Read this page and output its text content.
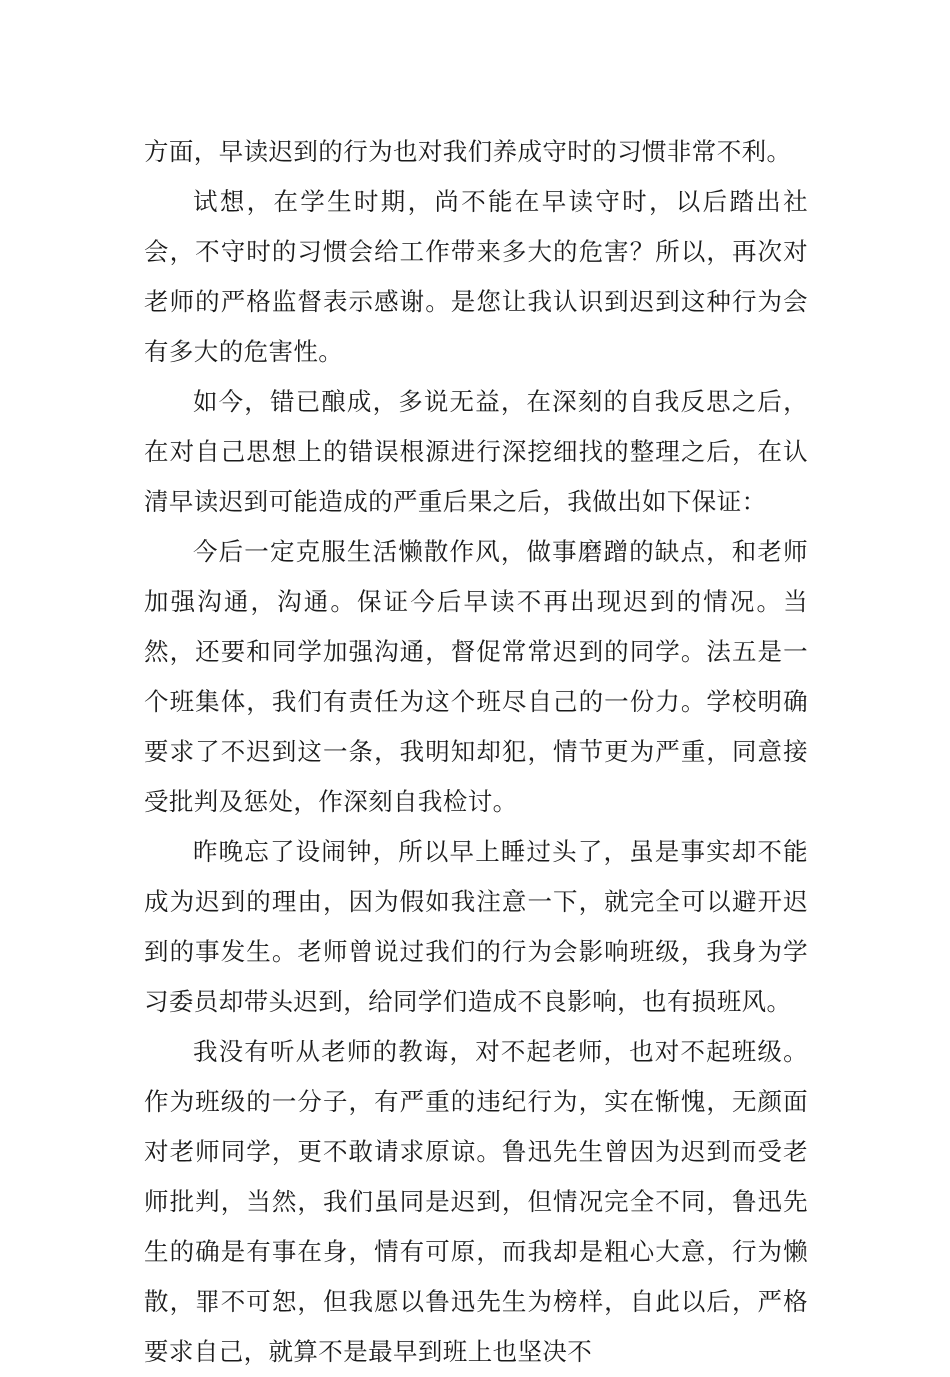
方面，早读迟到的行为也对我们养成守时的习惯非常不利。

试想，在学生时期，尚不能在早读守时，以后踏出社会，不守时的习惯会给工作带来多大的危害？所以，再次对老师的严格监督表示感谢。是您让我认识到迟到这种行为会有多大的危害性。

如今，错已酿成，多说无益，在深刻的自我反思之后，在对自己思想上的错误根源进行深挖细找的整理之后，在认清早读迟到可能造成的严重后果之后，我做出如下保证：

今后一定克服生活懒散作风，做事磨蹭的缺点，和老师加强沟通，沟通。保证今后早读不再出现迟到的情况。当然，还要和同学加强沟通，督促常常迟到的同学。法五是一个班集体，我们有责任为这个班尽自己的一份力。学校明确要求了不迟到这一条，我明知却犯，情节更为严重，同意接受批判及惩处，作深刻自我检讨。

昨晚忘了设闹钟，所以早上睡过头了，虽是事实却不能成为迟到的理由，因为假如我注意一下，就完全可以避开迟到的事发生。老师曾说过我们的行为会影响班级，我身为学习委员却带头迟到，给同学们造成不良影响，也有损班风。

我没有听从老师的教诲，对不起老师，也对不起班级。作为班级的一分子，有严重的违纪行为，实在惭愧，无颜面对老师同学，更不敢请求原谅。鲁迅先生曾因为迟到而受老师批判，当然，我们虽同是迟到，但情况完全不同，鲁迅先生的确是有事在身，情有可原，而我却是粗心大意，行为懒散，罪不可恕，但我愿以鲁迅先生为榜样，自此以后，严格要求自己，就算不是最早到班上也坚决不
